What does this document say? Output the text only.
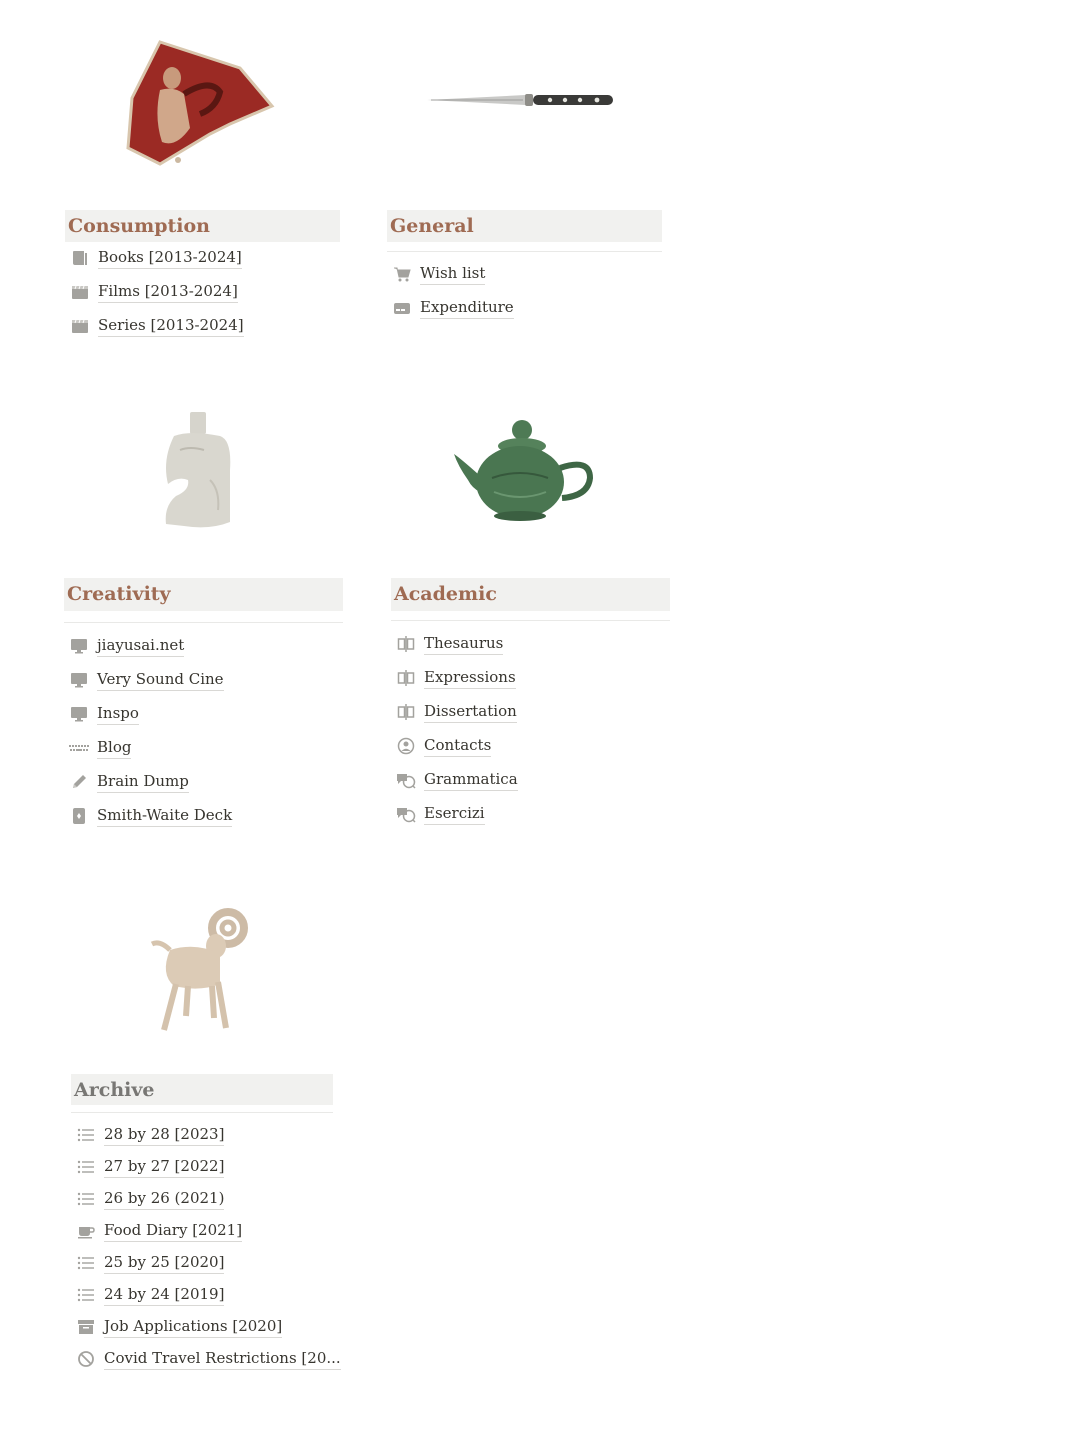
Consumption
Books [2013-2024]
Films [2013-2024]
Series [2013-2024]
General
Wish list
Expenditure
Creativity
jiayusai.net
Very Sound Cine
Inspo
Blog
Brain Dump
Smith-Waite Deck
Academic
Thesaurus
Expressions
Dissertation
Contacts
Grammatica
Esercizi
Archive
28 by 28 [2023]
27 by 27 [2022]
26 by 26 (2021)
Food Diary [2021]
25 by 25 [2020]
24 by 24 [2019]
Job Applications [2020]
Covid Travel Restrictions [20...
